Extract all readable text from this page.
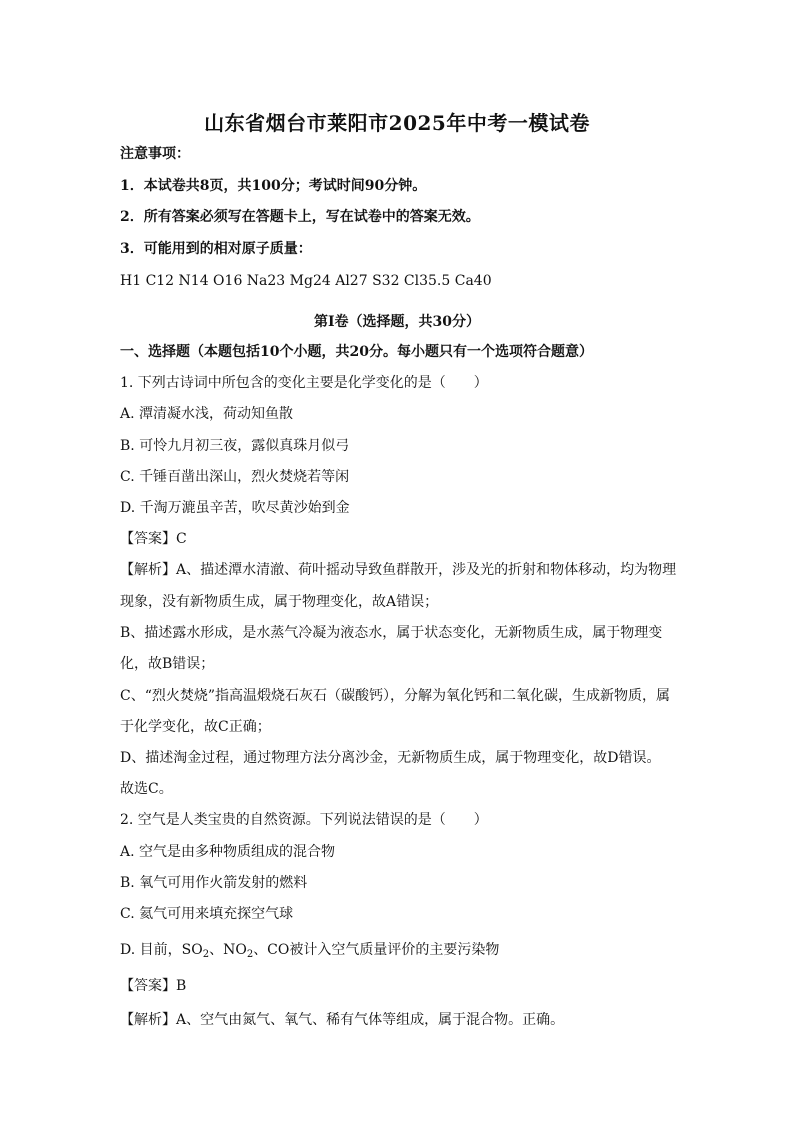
山东省烟台市莱阳市2025年中考一模试卷
注意事项：
1．本试卷共8页，共100分；考试时间90分钟。
2．所有答案必须写在答题卡上，写在试卷中的答案无效。
3．可能用到的相对原子质量：
H1 C12 N14 O16 Na23 Mg24 Al27 S32 Cl35.5 Ca40
第Ⅰ卷（选择题，共30分）
一、选择题（本题包括10个小题，共20分。每小题只有一个选项符合题意）
1. 下列古诗词中所包含的变化主要是化学变化的是（　　）
A. 潭清凝水浅，荷动知鱼散
B. 可怜九月初三夜，露似真珠月似弓
C. 千锤百凿出深山，烈火焚烧若等闲
D. 千淘万漉虽辛苦，吹尽黄沙始到金
【答案】C
【解析】A、描述潭水清澈、荷叶摇动导致鱼群散开，涉及光的折射和物体移动，均为物理
现象，没有新物质生成，属于物理变化，故A错误；
B、描述露水形成，是水蒸气冷凝为液态水，属于状态变化，无新物质生成，属于物理变
化，故B错误；
C、“烈火焚烧”指高温煅烧石灰石（碳酸钙），分解为氧化钙和二氧化碳，生成新物质，属
于化学变化，故C正确；
D、描述淘金过程，通过物理方法分离沙金，无新物质生成，属于物理变化，故D错误。
故选C。
2. 空气是人类宝贵的自然资源。下列说法错误的是（　　）
A. 空气是由多种物质组成的混合物
B. 氧气可用作火箭发射的燃料
C. 氦气可用来填充探空气球
D. 目前，$SO_2$、$NO_2$、CO被计入空气质量评价的主要污染物
【答案】B
【解析】A、空气由氮气、氧气、稀有气体等组成，属于混合物。正确。
